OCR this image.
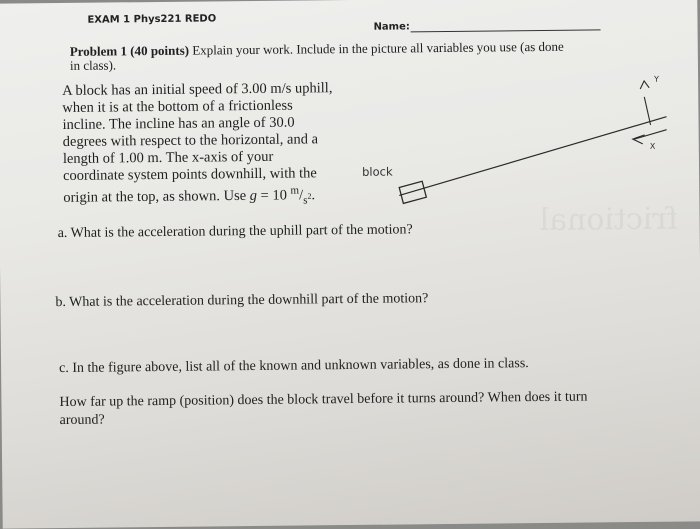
frictional
EXAM 1 Phys221 REDO
Name:
Problem 1 (40 points) Explain your work. Include in the picture all variables you use (as done
in class).
A block has an initial speed of 3.00 m/s uphill,
when it is at the bottom of a frictionless
incline. The incline has an angle of 30.0
degrees with respect to the horizontal, and a
length of 1.00 m. The x-axis of your
coordinate system points downhill, with the
origin at the top, as shown. Use g = 10 $^m/_{s^2}$.
block
Y
X
a. What is the acceleration during the uphill part of the motion?
b. What is the acceleration during the downhill part of the motion?
c. In the figure above, list all of the known and unknown variables, as done in class.
How far up the ramp (position) does the block travel before it turns around? When does it turn
around?
